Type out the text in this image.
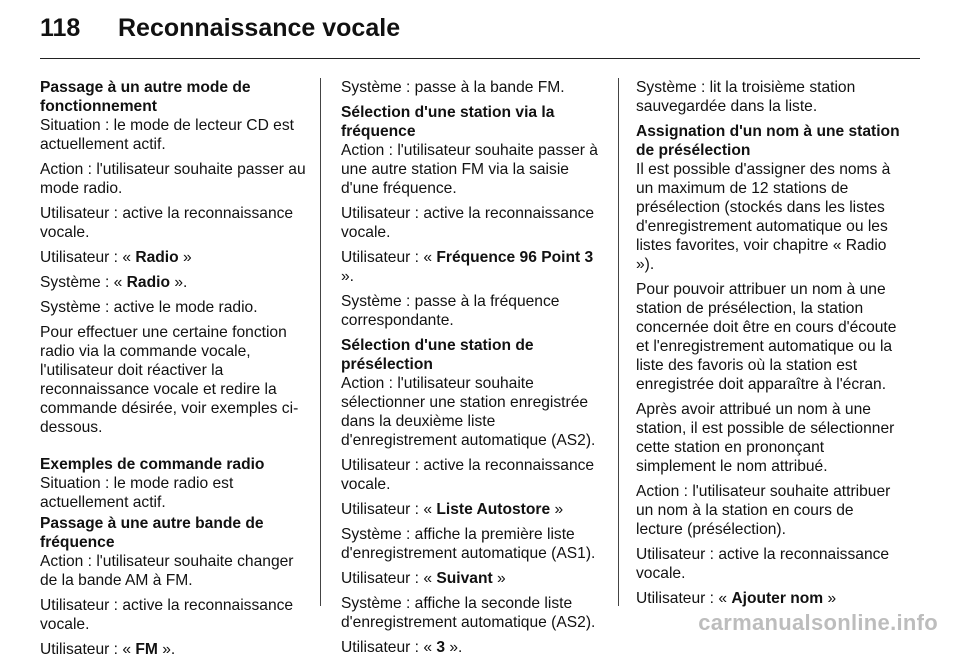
118 Reconnaissance vocale
Passage à un autre mode de fonctionnement
Situation : le mode de lecteur CD est actuellement actif.
Action : l'utilisateur souhaite passer au mode radio.
Utilisateur : active la reconnaissance vocale.
Utilisateur : « Radio »
Système : « Radio ».
Système : active le mode radio.
Pour effectuer une certaine fonction radio via la commande vocale, l'utilisateur doit réactiver la reconnaissance vocale et redire la commande désirée, voir exemples ci-dessous.
Exemples de commande radio
Situation : le mode radio est actuellement actif.
Passage à une autre bande de fréquence
Action : l'utilisateur souhaite changer de la bande AM à FM.
Utilisateur : active la reconnaissance vocale.
Utilisateur : « FM ».
Système : passe à la bande FM.
Sélection d'une station via la fréquence
Action : l'utilisateur souhaite passer à une autre station FM via la saisie d'une fréquence.
Utilisateur : active la reconnaissance vocale.
Utilisateur : « Fréquence 96 Point 3 ».
Système : passe à la fréquence correspondante.
Sélection d'une station de présélection
Action : l'utilisateur souhaite sélectionner une station enregistrée dans la deuxième liste d'enregistrement automatique (AS2).
Utilisateur : active la reconnaissance vocale.
Utilisateur : « Liste Autostore »
Système : affiche la première liste d'enregistrement automatique (AS1).
Utilisateur : « Suivant »
Système : affiche la seconde liste d'enregistrement automatique (AS2).
Utilisateur : « 3 ».
Système : lit la troisième station sauvegardée dans la liste.
Assignation d'un nom à une station de présélection
Il est possible d'assigner des noms à un maximum de 12 stations de présélection (stockés dans les listes d'enregistrement automatique ou les listes favorites, voir chapitre « Radio »).
Pour pouvoir attribuer un nom à une station de présélection, la station concernée doit être en cours d'écoute et l'enregistrement automatique ou la liste des favoris où la station est enregistrée doit apparaître à l'écran.
Après avoir attribué un nom à une station, il est possible de sélectionner cette station en prononçant simplement le nom attribué.
Action : l'utilisateur souhaite attribuer un nom à la station en cours de lecture (présélection).
Utilisateur : active la reconnaissance vocale.
Utilisateur : « Ajouter nom »
carmanualsonline.info
